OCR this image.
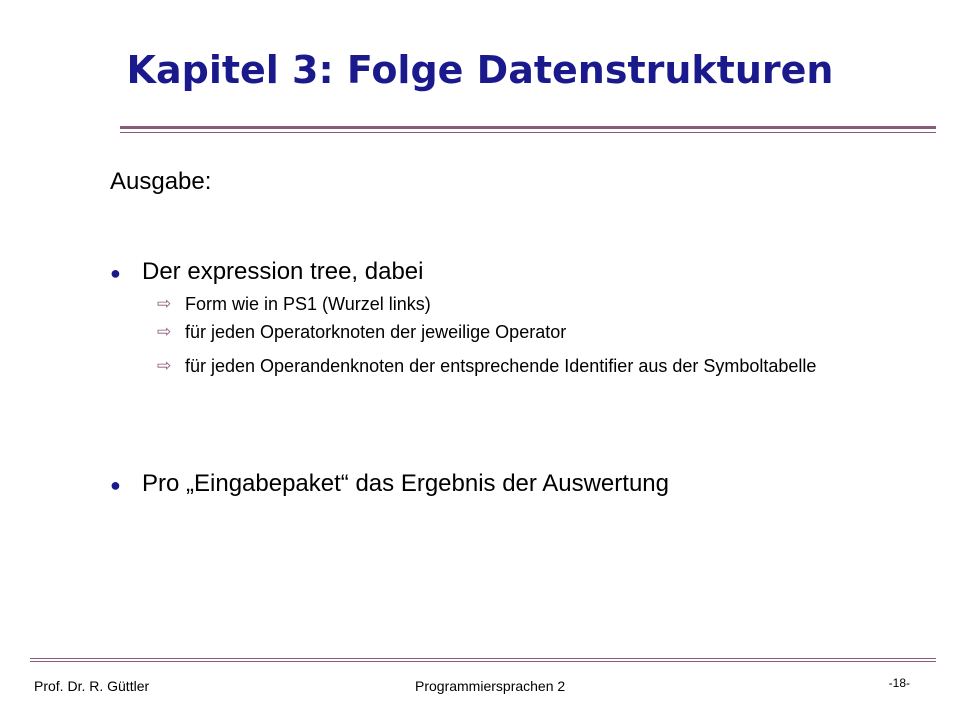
Kapitel 3: Folge Datenstrukturen
Ausgabe:
● Der expression tree, dabei
⇨ Form wie in PS1 (Wurzel links)
⇨ für jeden Operatorknoten der jeweilige Operator
⇨ für jeden Operandenknoten der entsprechende Identifier aus der Symboltabelle
● Pro „Eingabepaket“ das Ergebnis der Auswertung
Prof. Dr. R. Güttler	Programmiersprachen 2	-18-
